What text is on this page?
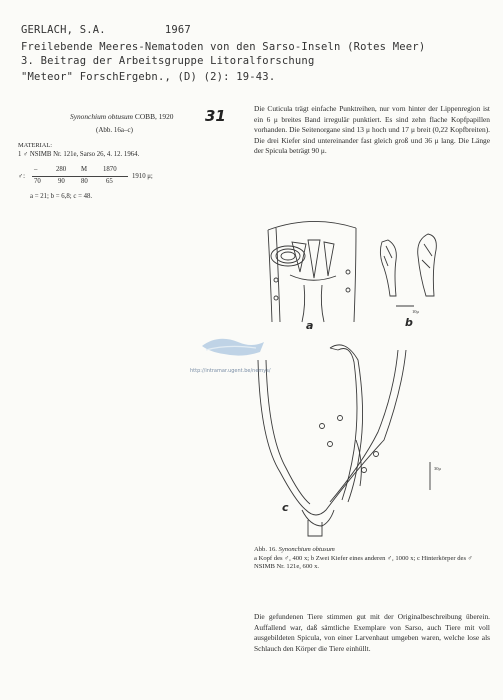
GERLACH, S.A.	1967
Freilebende Meeres-Nematoden von den Sarso-Inseln (Rotes Meer)
3. Beitrag der Arbeitsgruppe Litoralforschung
"Meteor" ForschErgebn., (D) (2): 19-43.
Synonchium obtusum COBB, 1920 31
(Abb. 16a–c)
MATERIAL:
1 ♂ NSIMB Nr. 121e, Sarso 26, 4. 12. 1964.
♂:
–	280 M 1870
70	90 80	65
1910 μ;
a = 21; b = 6,8; c = 48.
Die Cuticula trägt einfache Punktreihen, nur vorn hinter der Lippenregion ist ein 6 μ breites Band irregulär punktiert. Es sind zehn flache Kopfpapillen vorhanden. Die Seitenorgane sind 13 μ hoch und 17 μ breit (0,22 Kopfbreiten). Die drei Kiefer sind untereinander fast gleich groß und 36 μ lang. Die Länge der Spicula beträgt 90 μ.
a	b
c
10μ
30μ
http://intramar.ugent.be/nemys/
Abb. 16. Synonchium obtusum
a Kopf des ♂, 400 x; b Zwei Kiefer eines anderen ♂, 1000 x; c Hinterkörper des ♂ NSIMB Nr. 121e, 600 x.
Die gefundenen Tiere stimmen gut mit der Originalbeschreibung überein. Auffallend war, daß sämtliche Exemplare von Sarso, auch Tiere mit voll ausgebildeten Spicula, von einer Larvenhaut umgeben waren, welche lose als Schlauch den Körper die Tiere einhüllt.
